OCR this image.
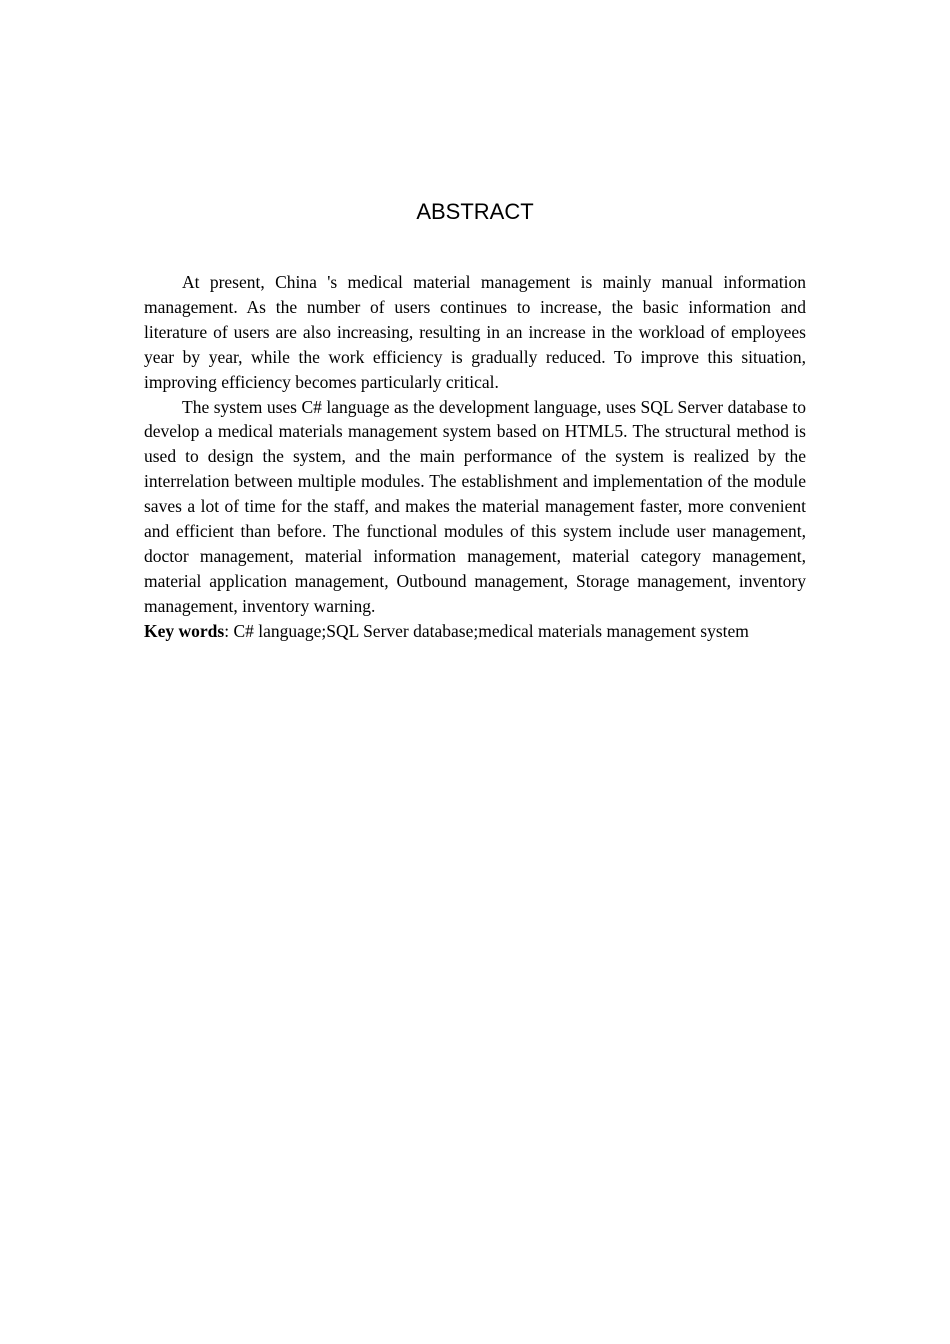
ABSTRACT

At present, China 's medical material management is mainly manual information management. As the number of users continues to increase, the basic information and literature of users are also increasing, resulting in an increase in the workload of employees year by year, while the work efficiency is gradually reduced. To improve this situation, improving efficiency becomes particularly critical.

The system uses C# language as the development language, uses SQL Server database to develop a medical materials management system based on HTML5. The structural method is used to design the system, and the main performance of the system is realized by the interrelation between multiple modules. The establishment and implementation of the module saves a lot of time for the staff, and makes the material management faster, more convenient and efficient than before. The functional modules of this system include user management, doctor management, material information management, material category management, material application management, Outbound management, Storage management, inventory management, inventory warning.

Key words: C# language;SQL Server database;medical materials management system
